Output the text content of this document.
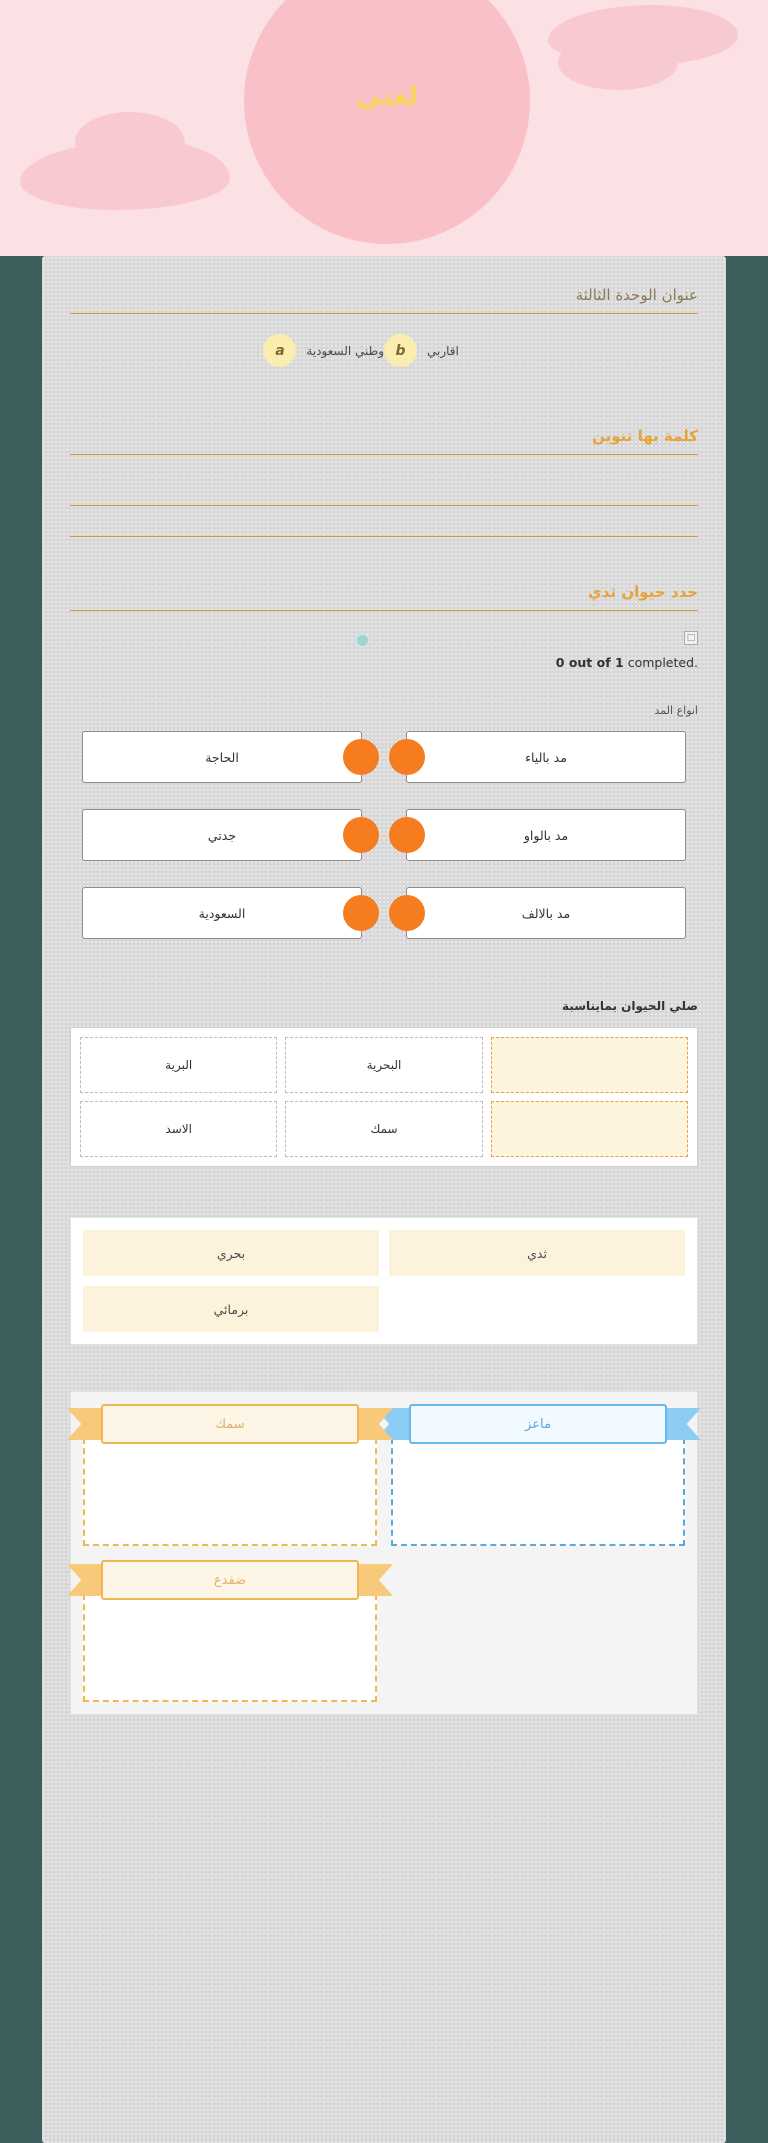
لغتي
عنوان الوحدة الثالثة
b	اقاربي
a	وطني السعودية
كلمة بها تنوين
حدد حيوان ثدي
□
0 out of 1 completed.
انواع المد
مد بالياء
الحاجة
مد بالواو
جدتي
مد بالالف
السعودية
صلي الحيوان بمايناسبة
البحرية
البرية
سمك
الاسد
ثدي
بحري
برمائي
ماعز
سمك
ضفدع
